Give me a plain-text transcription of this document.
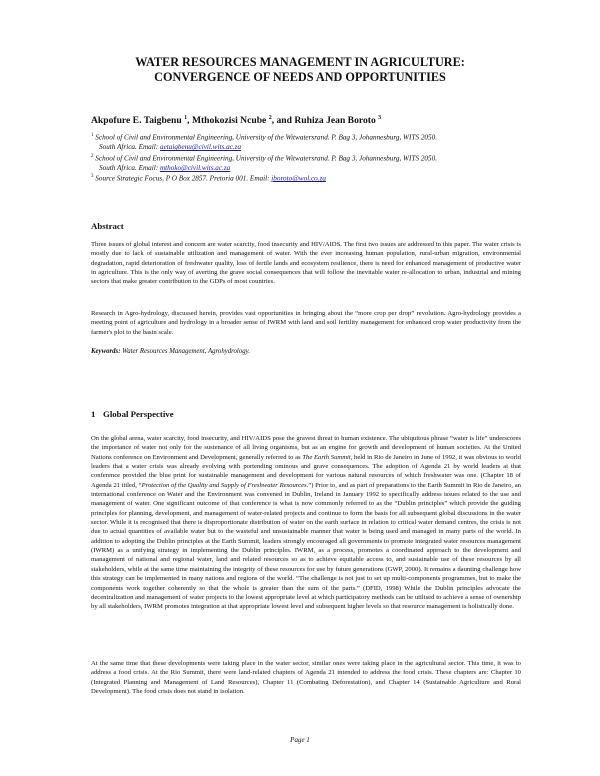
WATER RESOURCES MANAGEMENT IN AGRICULTURE:
CONVERGENCE OF NEEDS AND OPPORTUNITIES

Akpofure E. Taigbenu $^1$, Mthokozisi Ncube $^2$, and Ruhiza Jean Boroto $^3$

$^1$ School of Civil and Environmental Engineering, University of the Witwatersrand. P. Bag 3, Johannesburg, WITS 2050.
South Africa. Email: aetaigbenu@civil.wits.ac.za
$^2$ School of Civil and Environmental Engineering, University of the Witwatersrand. P. Bag 3, Johannesburg, WITS 2050.
South Africa. Email: mthoko@civil.wits.ac.za
$^3$ Source Strategic Focus, P O Box 2857. Pretoria 001. Email: jboroto@wol.co.za
Abstract

Three issues of global interest and concern are water scarcity, food insecurity and HIV/AIDS. The first two issues are addressed in this paper. The water crisis is mostly due to lack of sustainable utilization and management of water. With the ever increasing human population, rural-urban migration, environmental degradation, rapid deterioration of freshwater quality, loss of fertile lands and ecosystem resilience, there is need for enhanced management of productive water in agriculture. This is the only way of averting the grave social consequences that will follow the inevitable water re-allocation to urban, industrial and mining sectors that make greater contribution to the GDPs of most countries.

Research in Agro-hydrology, discussed herein, provides vast opportunities in bringing about the “more crop per drop” revolution. Agro-hydrology provides a meeting point of agriculture and hydrology in a broader sense of IWRM with land and soil fertility management for enhanced crop water productivity from the farmer's plot to the basin scale.

Keywords: Water Resources Management, Agrohydrology.

1 Global Perspective

On the global arena, water scarcity, food insecurity, and HIV/AIDS pose the gravest threat to human existence. The ubiquitous phrase “water is life” underscores the importance of water not only for the sustenance of all living organisms, but as an engine for growth and development of human societies. At the United Nations conference on Environment and Development, generally referred to as The Earth Summit, held in Rio de Janeiro in June of 1992, it was obvious to world leaders that a water crisis was already evolving with portending ominous and grave consequences. The adoption of Agenda 21 by world leaders at that conference provided the blue print for sustainable management and development for various natural resources of which freshwater was one. (Chapter 18 of Agenda 21 titled, “Protection of the Quality and Supply of Freshwater Resources.”) Prior to, and as part of preparations to the Earth Summit in Rio de Janeiro, an international conference on Water and the Environment was convened in Dublin, Ireland in January 1992 to specifically address issues related to the use and management of water. One significant outcome of that conference is what is now commonly referred to as the “Dublin principles” which provide the guiding principles for planning, development, and management of water-related projects and continue to form the basis for all subsequent global discussions in the water sector. While it is recognised that there is disproportionate distribution of water on the earth surface in relation to critical water demand centres, the crisis is not due to actual quantities of available water but to the wasteful and unsustainable manner that water is being used and managed in many parts of the world. In addition to adopting the Dublin principles at the Earth Summit, leaders strongly encouraged all governments to promote integrated water resources management (IWRM) as a unifying strategy in implementing the Dublin principles. IWRM, as a process, promotes a coordinated approach to the development and management of national and regional water, land and related resources so as to achieve equitable access to, and sustainable use of these resources by all stakeholders, while at the same time maintaining the integrity of these resources for use by future generations (GWP, 2000). It remains a daunting challenge how this strategy can be implemented in many nations and regions of the world. “The challenge is not just to set up multi-components programmes, but to make the components work together coherently so that the whole is greater than the sum of the parts.” (DFID, 1998) While the Dublin principles advocate the decentralization and management of water projects to the lowest appropriate level at which participatory methods can be utilised to achieve a sense of ownership by all stakeholders, IWRM promotes integration at that appropriate lowest level and subsequent higher levels so that resource management is holistically done.

At the same time that these developments were taking place in the water sector, similar ones were taking place in the agricultural sector. This time, it was to address a food crisis. At the Rio Summit, there were land-related chapters of Agenda 21 intended to address the food crisis. These chapters are: Chapter 10 (Integrated Planning and Management of Land Resources), Chapter 11 (Combating Deforestation), and Chapter 14 (Sustainable Agriculture and Rural Development). The food crisis does not stand in isolation.

Page 1
